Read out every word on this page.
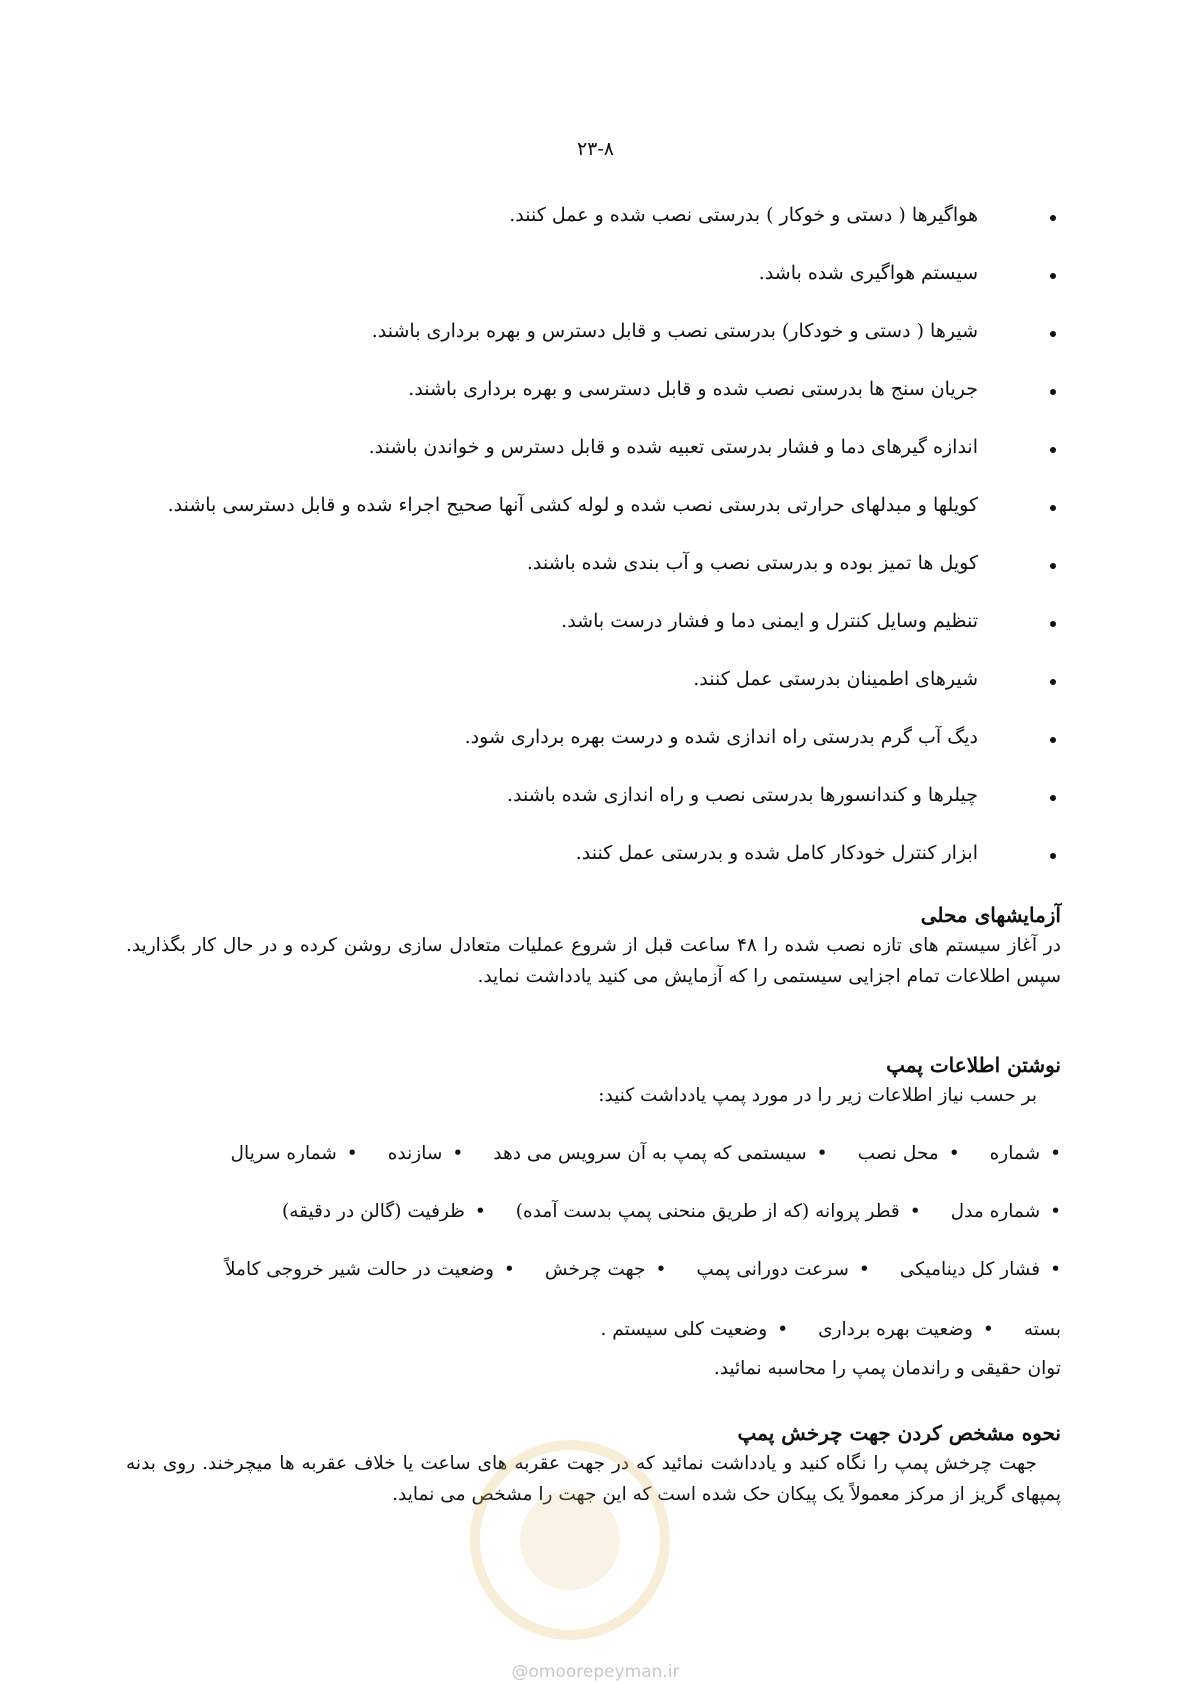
۲۳-۸
هواگیرها ( دستی و خوکار ) بدرستی نصب شده و عمل کنند.
سیستم هواگیری شده باشد.
شیرها ( دستی و خودکار) بدرستی نصب و قابل دسترس و بهره برداری باشند.
جریان سنج ها بدرستی نصب شده و قابل دسترسی و بهره برداری باشند.
اندازه گیرهای دما و فشار بدرستی تعبیه شده و قابل دسترس و خواندن باشند.
کویلها و مبدلهای حرارتی بدرستی نصب شده و لوله کشی آنها صحیح اجراء شده و قابل دسترسی باشند.
کویل ها تمیز بوده و بدرستی نصب و آب بندی شده باشند.
تنظیم وسایل کنترل و ایمنی دما و فشار درست باشد.
شیرهای اطمینان بدرستی عمل کنند.
دیگ آب گرم بدرستی راه اندازی شده و درست بهره برداری شود.
چیلرها و کندانسورها بدرستی نصب و راه اندازی شده باشند.
ابزار کنترل خودکار کامل شده و بدرستی عمل کنند.
آزمایشهای محلی
در آغاز سیستم های تازه نصب شده را ۴۸ ساعت قبل از شروع عملیات متعادل سازی روشن کرده و در حال کار بگذارید. سپس اطلاعات تمام اجزایی سیستمی را که آزمایش می کنید یادداشت نماید.
نوشتن اطلاعات پمپ
بر حسب نیاز اطلاعات زیر را در مورد پمپ یادداشت کنید:
• شماره• محل نصب• سیستمی که پمپ به آن سرویس می دهد• سازنده• شماره سریال
• شماره مدل• قطر پروانه (که از طریق منحنی پمپ بدست آمده)• ظرفیت (گالن در دقیقه)
• فشار کل دینامیکی• سرعت دورانی پمپ• جهت چرخش• وضعیت در حالت شیر خروجی کاملاً
بسته• وضعیت بهره برداری• وضعیت کلی سیستم .
توان حقیقی و راندمان پمپ را محاسبه نمائید.
نحوه مشخص کردن جهت چرخش پمپ
جهت چرخش پمپ را نگاه کنید و یادداشت نمائید که در جهت عقربه های ساعت یا خلاف عقربه ها میچرخند. روی بدنه پمپهای گریز از مرکز معمولاً یک پیکان حک شده است که این جهت را مشخص می نماید.
@omoorepeyman.ir
